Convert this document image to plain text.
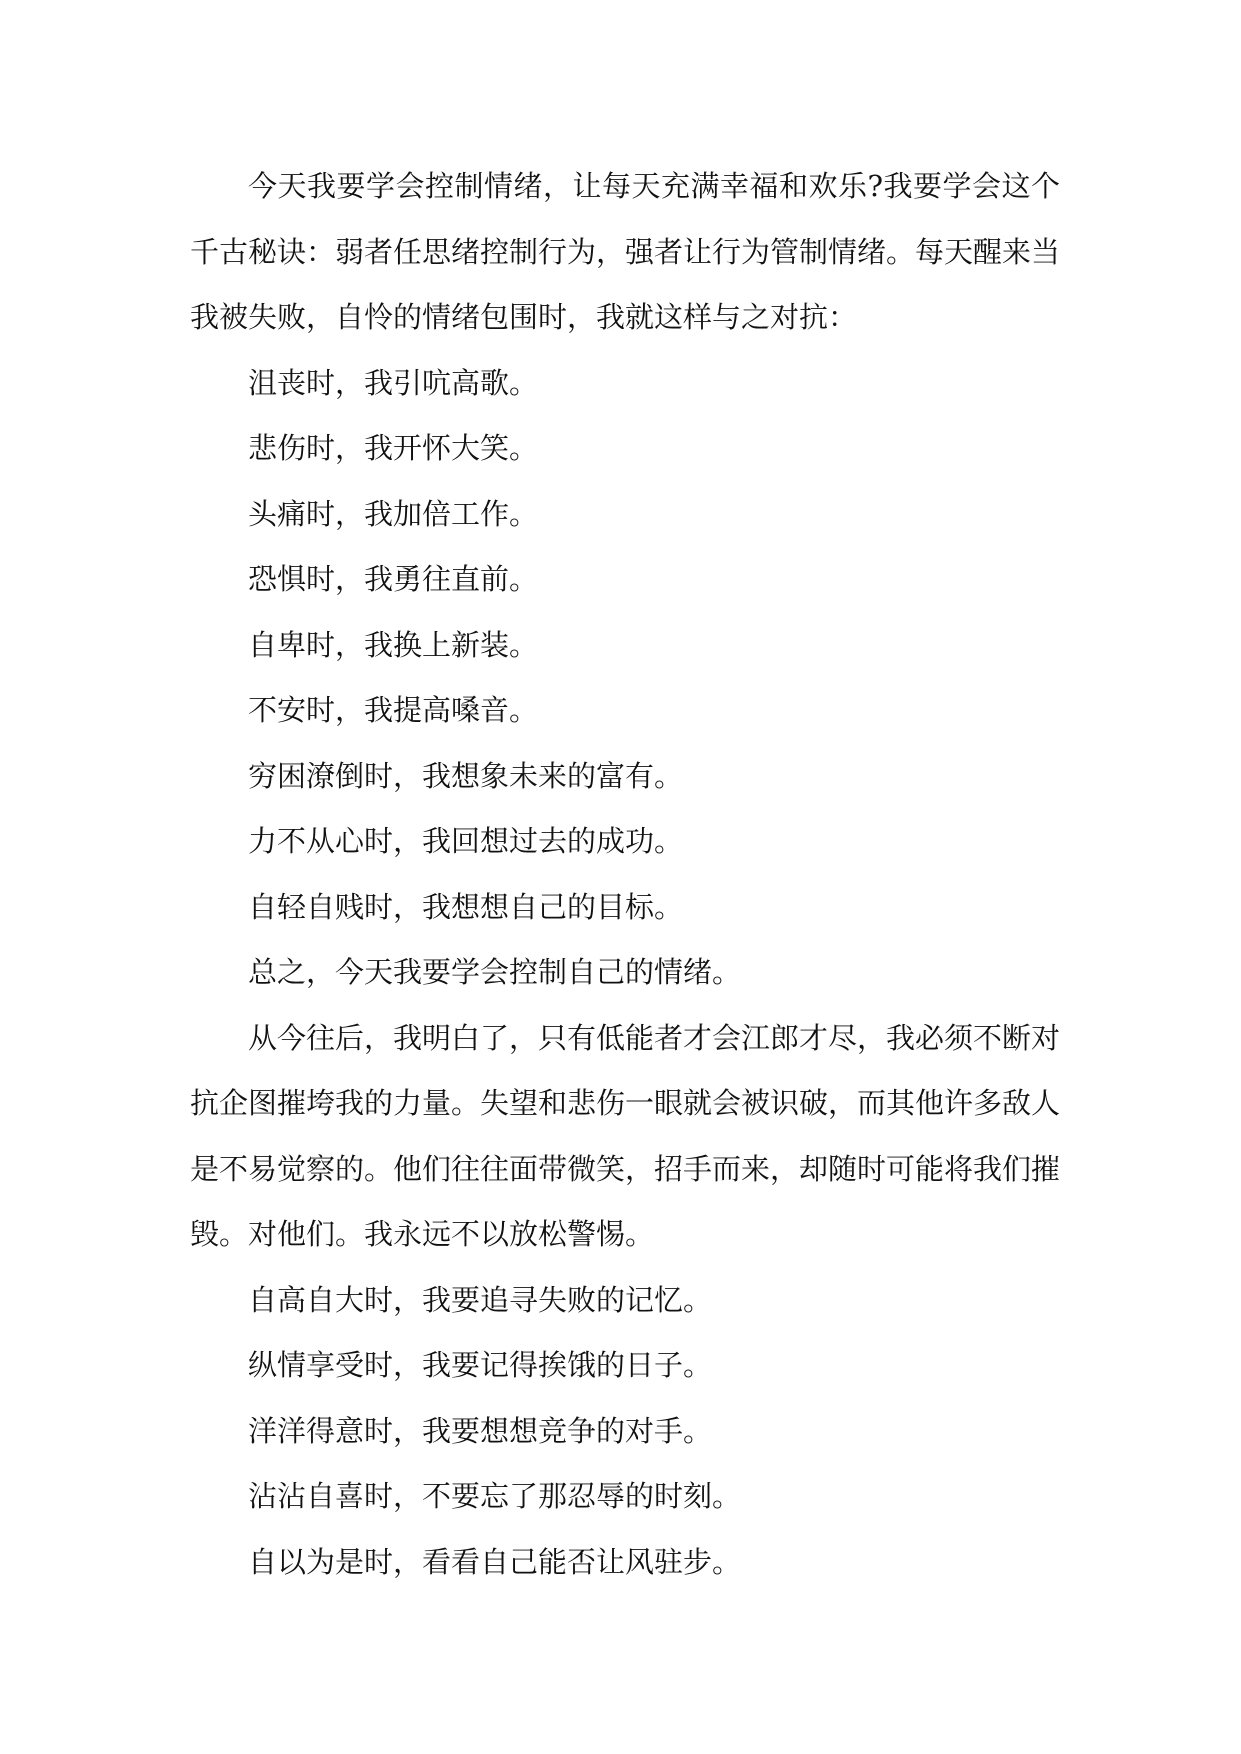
今天我要学会控制情绪，让每天充满幸福和欢乐?我要学会这个千古秘诀：弱者任思绪控制行为，强者让行为管制情绪。每天醒来当我被失败，自怜的情绪包围时，我就这样与之对抗：

沮丧时，我引吭高歌。

悲伤时，我开怀大笑。

头痛时，我加倍工作。

恐惧时，我勇往直前。

自卑时，我换上新装。

不安时，我提高嗓音。

穷困潦倒时，我想象未来的富有。

力不从心时，我回想过去的成功。

自轻自贱时，我想想自己的目标。

总之，今天我要学会控制自己的情绪。

从今往后，我明白了，只有低能者才会江郎才尽，我必须不断对抗企图摧垮我的力量。失望和悲伤一眼就会被识破，而其他许多敌人是不易觉察的。他们往往面带微笑，招手而来，却随时可能将我们摧毁。对他们。我永远不以放松警惕。

自高自大时，我要追寻失败的记忆。

纵情享受时，我要记得挨饿的日子。

洋洋得意时，我要想想竞争的对手。

沾沾自喜时，不要忘了那忍辱的时刻。

自以为是时，看看自己能否让风驻步。
